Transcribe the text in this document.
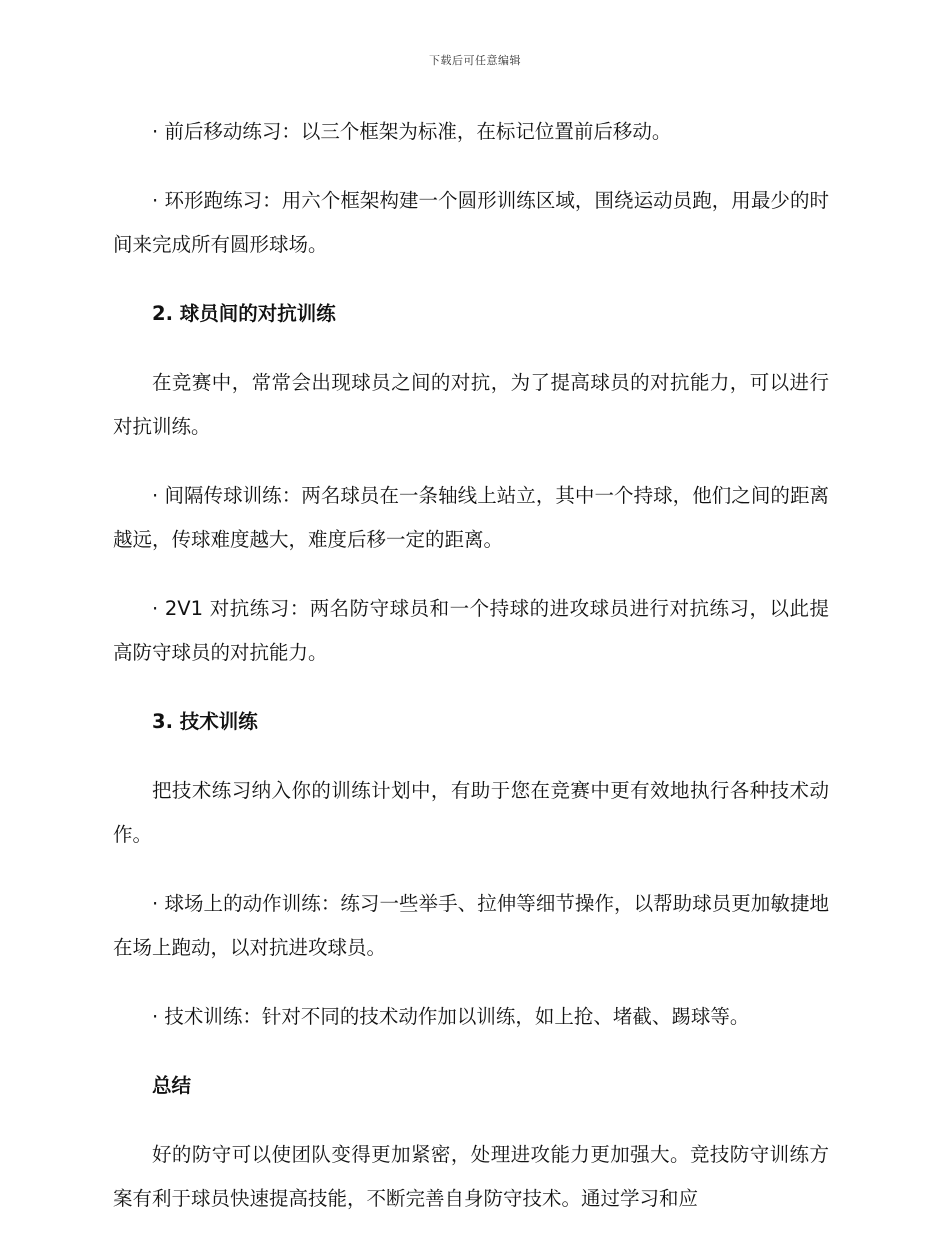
下载后可任意编辑

· 前后移动练习：以三个框架为标准，在标记位置前后移动。

· 环形跑练习：用六个框架构建一个圆形训练区域，围绕运动员跑，用最少的时间来完成所有圆形球场。

2. 球员间的对抗训练

在竞赛中，常常会出现球员之间的对抗，为了提高球员的对抗能力，可以进行对抗训练。

· 间隔传球训练：两名球员在一条轴线上站立，其中一个持球，他们之间的距离越远，传球难度越大，难度后移一定的距离。

· 2V1 对抗练习：两名防守球员和一个持球的进攻球员进行对抗练习，以此提高防守球员的对抗能力。

3. 技术训练

把技术练习纳入你的训练计划中，有助于您在竞赛中更有效地执行各种技术动作。

· 球场上的动作训练：练习一些举手、拉伸等细节操作，以帮助球员更加敏捷地在场上跑动，以对抗进攻球员。

· 技术训练：针对不同的技术动作加以训练，如上抢、堵截、踢球等。

总结

好的防守可以使团队变得更加紧密，处理进攻能力更加强大。竞技防守训练方案有利于球员快速提高技能，不断完善自身防守技术。通过学习和应
